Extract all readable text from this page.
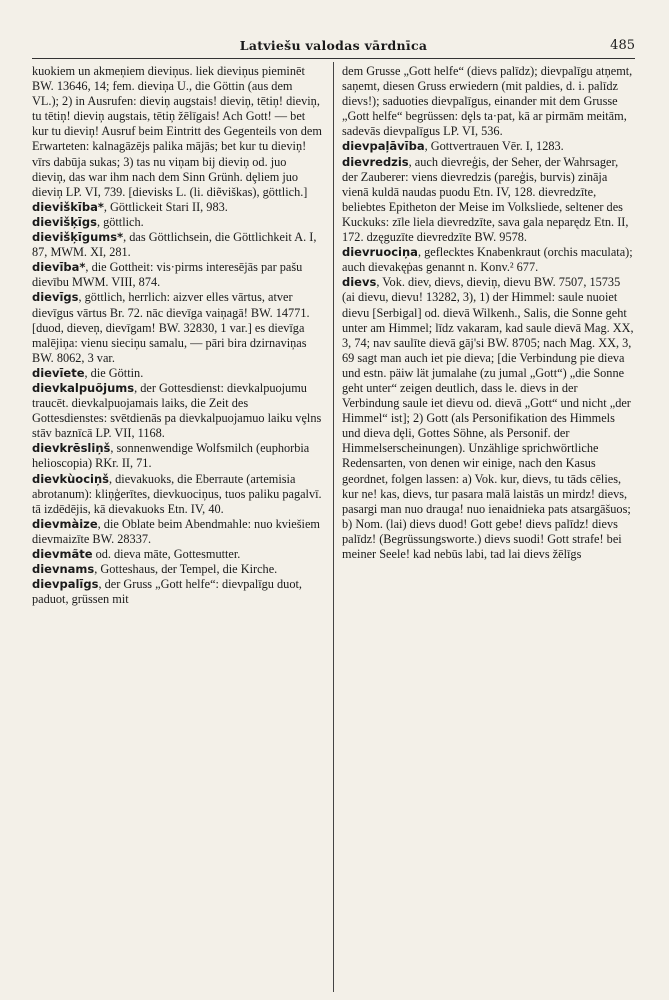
Latviešu valodas vārdnīca	485

kuokiem un akmeņiem dieviņus. liek dieviņus pieminēt BW. 13646, 14; fem. dieviņa U., die Göttin (aus dem VL.); 2) in Ausrufen: dieviņ augstais! dieviņ, tētiņ! dieviņ, tu tētiņ! dieviņ augstais, tētiņ žēlīgais! Ach Gott! — bet kur tu dieviņ! Ausruf beim Eintritt des Gegenteils von dem Erwarteten: kalnagāzējs palika mājās; bet kur tu dieviņ! vīrs dabūja sukas; 3) tas nu viņam bij dieviņ od. juo dieviņ, das war ihm nach dem Sinn Grünh. dȩliem juo dieviņ LP. VI, 739. [dievisks L. (li. diẽviškas), göttlich.]

dieviškība*, Göttlickeit Stari II, 983.

dievišķīgs, göttlich.

dievišķīgums*, das Göttlichsein, die Göttlichkeit A. I, 87, MWM. XI, 281.

dievība*, die Gottheit: vis·pirms interesējās par pašu dievību MWM. VIII, 874.

dievīgs, göttlich, herrlich: aizver elles vārtus, atver dievīgus vārtus Br. 72. nāc dievīga vaiņagā! BW. 14771. [duod, dieveņ, dievīgam! BW. 32830, 1 var.] es dievīga malējiņa: vienu sieciņu samalu, — pāri bira dzirnaviņas BW. 8062, 3 var.

dievīete, die Göttin.

dievkalpuõjums, der Gottesdienst: dievkalpuojumu traucēt. dievkalpuojamais laiks, die Zeit des Gottesdienstes: svētdienās pa dievkalpuojamuo laiku vȩlns stāv baznīcā LP. VII, 1168.

dievkrēsliņš, sonnenwendige Wolfsmilch (euphorbia helioscopia) RKr. II, 71.

dievkùociņš, dievakuoks, die Eberraute (artemisia abrotanum): kliņģerītes, dievkuociņus, tuos paliku pagalvī. tā izdēdējis, kā dievakuoks Etn. IV, 40.

dievmàize, die Oblate beim Abendmahle: nuo kviešiem dievmaizīte BW. 28337.

dievmãte od. dieva māte, Gottesmutter.

dievnams, Gotteshaus, der Tempel, die Kirche.

dievpalīgs, der Gruss „Gott helfe“: dievpalīgu duot, paduot, grüssen mit

dem Grusse „Gott helfe“ (dievs palīdz); dievpalīgu atņemt, saņemt, diesen Gruss erwiedern (mit paldies, d. i. palīdz dievs!); saduoties dievpalīgus, einander mit dem Grusse „Gott helfe“ begrüssen: dȩls ta·pat, kā ar pirmām meitām, sadevās dievpalīgus LP. VI, 536.

dievpaļāvība, Gottvertrauen Vēr. I, 1283.

dievredzis, auch dievreģis, der Seher, der Wahrsager, der Zauberer: viens dievredzis (pareģis, burvis) zināja vienā kuldā naudas puodu Etn. IV, 128. dievredzīte, beliebtes Epitheton der Meise im Volksliede, seltener des Kuckuks: zīle liela dievredzīte, sava gala neparędz Etn. II, 172. dzęguzīte dievredzīte BW. 9578.

dievruociņa, geflecktes Knabenkraut (orchis maculata); auch dievakęṗas genannt n. Konv.² 677.

dievs, Vok. diev, dievs, dieviņ, dievu BW. 7507, 15735 (ai dievu, dievu! 13282, 3), 1) der Himmel: saule nuoiet dievu [Serbigal] od. dievā Wilkenh., Salis, die Sonne geht unter am Himmel; līdz vakaram, kad saule dievā Mag. XX, 3, 74; nav saulīte dievā gāj'si BW. 8705; nach Mag. XX, 3, 69 sagt man auch iet pie dieva; [die Verbindung pie dieva und estn. päiw lät jumalahe (zu jumal „Gott“) „die Sonne geht unter“ zeigen deutlich, dass le. dievs in der Verbindung saule iet dievu od. dievā „Gott“ und nicht „der Himmel“ ist]; 2) Gott (als Personifikation des Himmels und dievа dȩli, Gottes Söhne, als Personif. der Himmelserscheinungen). Unzählige sprichwörtliche Redensarten, von denen wir einige, nach den Kasus geordnet, folgen lassen: a) Vok. kur, dievs, tu tāds cēlies, kur ne! kas, dievs, tur pasara malā laistās un mirdz! dievs, pasargi man nuo drauga! nuo ienaidnieka pats atsargāšuos; b) Nom. (lai) dievs duod! Gott gebe! dievs palīdz! dievs palīdz! (Begrüssungsworte.) dievs suodi! Gott strafe! bei meiner Seele! kad nebūs labi, tad lai dievs žēlīgs
